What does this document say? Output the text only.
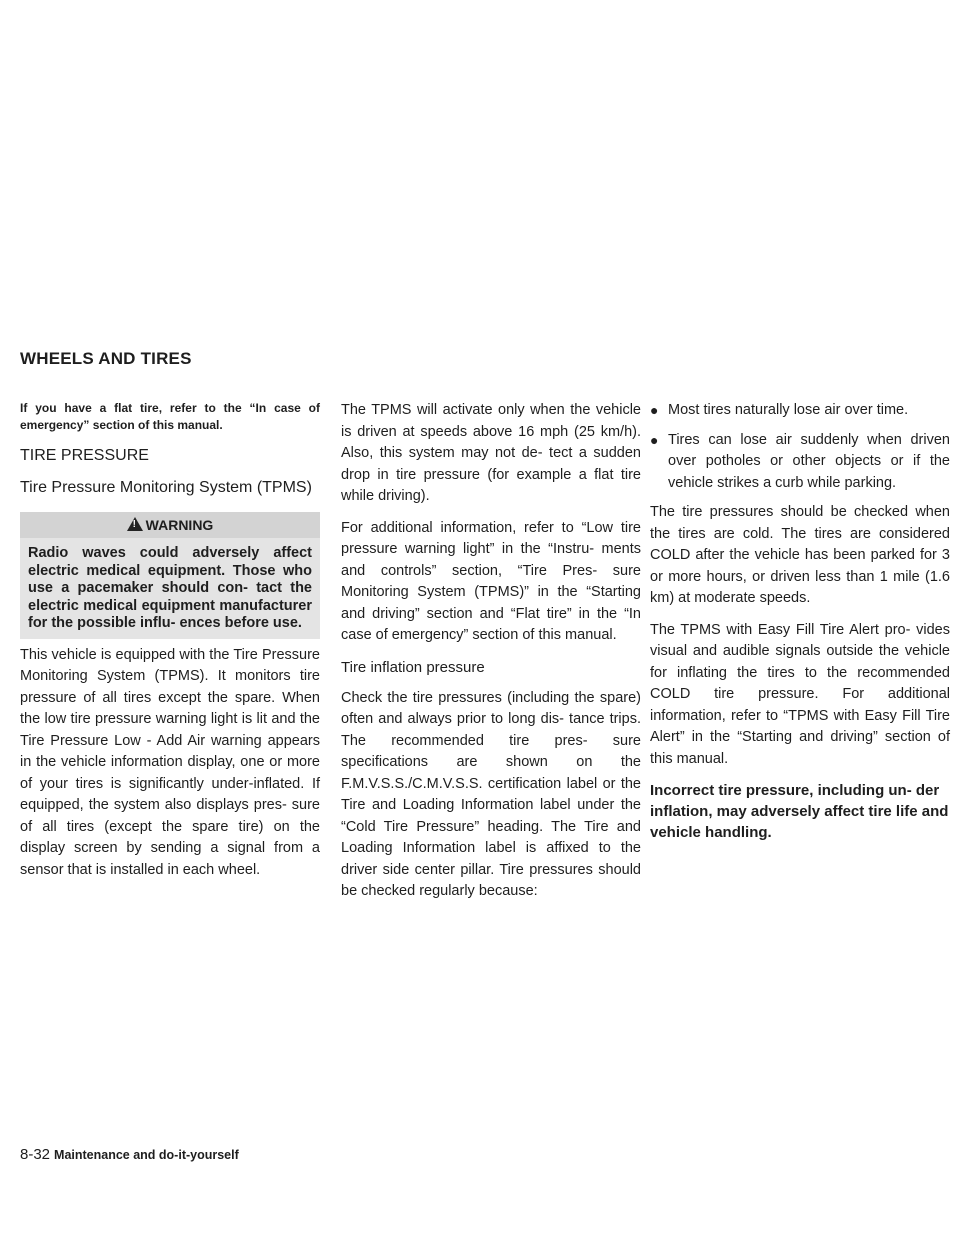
WHEELS AND TIRES

If you have a flat tire, refer to the “In case of emergency” section of this manual.

TIRE PRESSURE
Tire Pressure Monitoring System (TPMS)
!WARNING
Radio waves could adversely affect electric medical equipment. Those who use a pacemaker should con- tact the electric medical equipment manufacturer for the possible influ- ences before use.

This vehicle is equipped with the Tire Pressure Monitoring System (TPMS). It monitors tire pressure of all tires except the spare. When the low tire pressure warning light is lit and the Tire Pressure Low - Add Air warning appears in the vehicle information display, one or more of your tires is significantly under-inflated. If equipped, the system also displays pres- sure of all tires (except the spare tire) on the display screen by sending a signal from a sensor that is installed in each wheel.

The TPMS will activate only when the vehicle is driven at speeds above 16 mph (25 km/h). Also, this system may not de- tect a sudden drop in tire pressure (for example a flat tire while driving).

For additional information, refer to “Low tire pressure warning light” in the “Instru- ments and controls” section, “Tire Pres- sure Monitoring System (TPMS)” in the “Starting and driving” section and “Flat tire” in the “In case of emergency” section of this manual.

Tire inflation pressure

Check the tire pressures (including the spare) often and always prior to long dis- tance trips. The recommended tire pres- sure specifications are shown on the F.M.V.S.S./C.M.V.S.S. certification label or the Tire and Loading Information label under the “Cold Tire Pressure” heading. The Tire and Loading Information label is affixed to the driver side center pillar. Tire pressures should be checked regularly because:

● Most tires naturally lose air over time.
● Tires can lose air suddenly when driven over potholes or other objects or if the vehicle strikes a curb while parking.

The tire pressures should be checked when the tires are cold. The tires are considered COLD after the vehicle has been parked for 3 or more hours, or driven less than 1 mile (1.6 km) at moderate speeds.

The TPMS with Easy Fill Tire Alert pro- vides visual and audible signals outside the vehicle for inflating the tires to the recommended COLD tire pressure. For additional information, refer to “TPMS with Easy Fill Tire Alert” in the “Starting and driving” section of this manual.

Incorrect tire pressure, including un- der inflation, may adversely affect tire life and vehicle handling.

8-32 Maintenance and do-it-yourself
